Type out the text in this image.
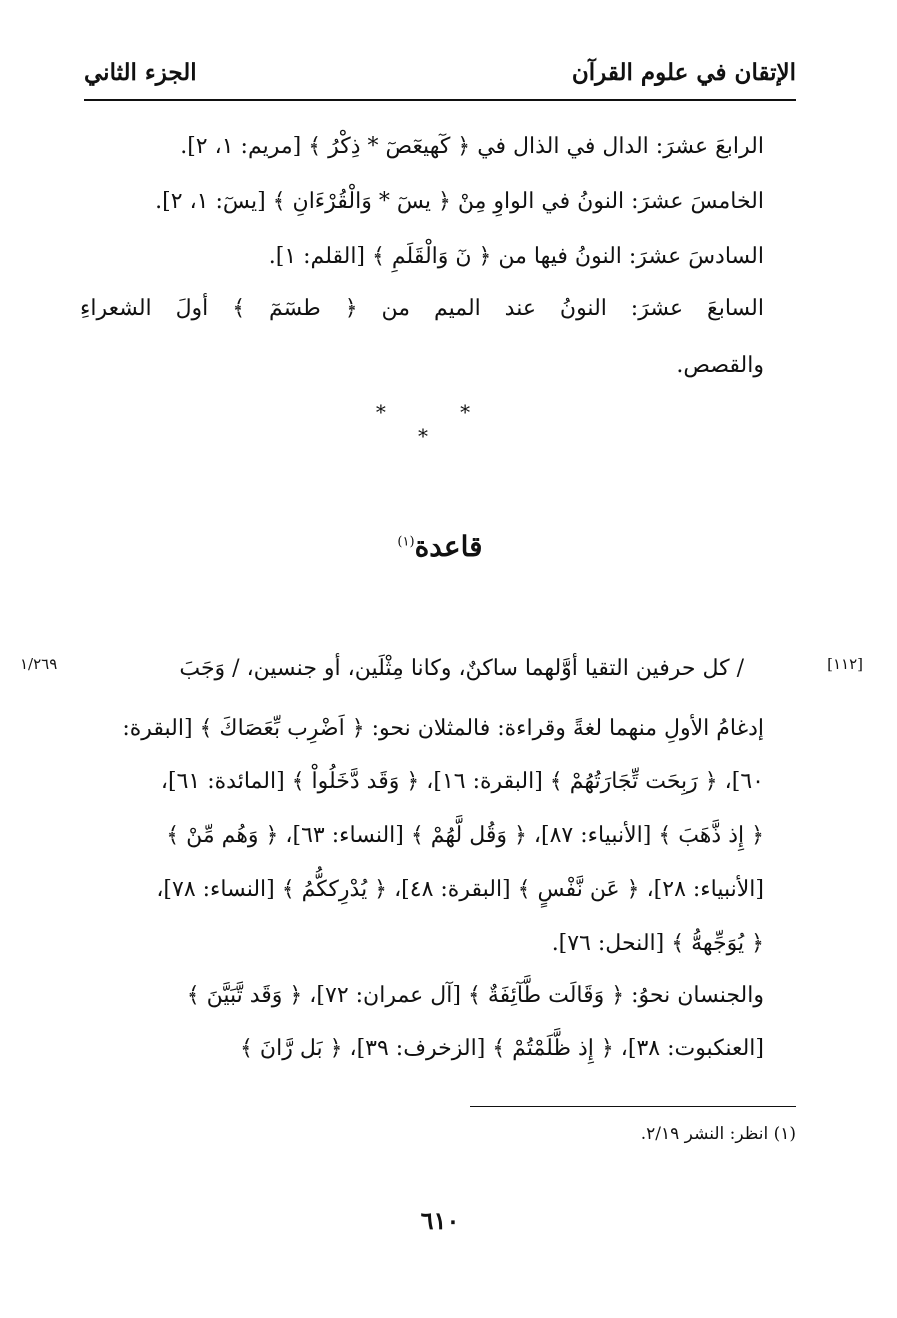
الإتقان في علوم القرآن
الجزء الثاني
الرابعَ عشرَ: الدال في الذال في ﴿ كٓهيعٓصٓ * ذِكْرُ ﴾ [مريم: ١، ٢].
الخامسَ عشرَ: النونُ في الواوِ مِنْ ﴿ يسٓ * وَالْقُرْءَانِ ﴾ [يسٓ: ١، ٢].
السادسَ عشرَ: النونُ فيها من ﴿ نٓ وَالْقَلَمِ ﴾ [القلم: ١].
السابعَ عشرَ: النونُ عند الميم من ﴿ طسٓمٓ ﴾ أولَ الشعراءِ
والقصص.
* * *
قاعدة$^{(١)}$
[١١٢]
١/٢٦٩	/ كل حرفين التقيا أوَّلهما ساكنٌ، وكانا مِثْلَين، أو جنسين، / وَجَبَ
إدغامُ الأولِ منهما لغةً وقراءة: فالمثلان نحو: ﴿ اَضْرِب بِّعَصَاكَ ﴾ [البقرة:
٦٠]، ﴿ رَبِحَت تِّجَارَتُهُمْ ﴾ [البقرة: ١٦]، ﴿ وَقَد دَّخَلُواْ ﴾ [المائدة: ٦١]،
﴿ إِذ ذَّهَبَ ﴾ [الأنبياء: ٨٧]، ﴿ وَقُل لَّهُمْ ﴾ [النساء: ٦٣]، ﴿ وَهُم مِّنْ ﴾
[الأنبياء: ٢٨]، ﴿ عَن نَّفْسٍ ﴾ [البقرة: ٤٨]، ﴿ يُدْرِككُّمُ ﴾ [النساء: ٧٨]،
﴿ يُوَجِّههُّ ﴾ [النحل: ٧٦].
والجنسان نحوُ: ﴿ وَقَالَت طَّآئِفَةٌ ﴾ [آل عمران: ٧٢]، ﴿ وَقَد تَّبَيَّنَ ﴾
[العنكبوت: ٣٨]، ﴿ إِذ ظَّلَمْتُمْ ﴾ [الزخرف: ٣٩]، ﴿ بَل رَّانَ ﴾
(١) انظر: النشر ٢/١٩.
٦١٠
